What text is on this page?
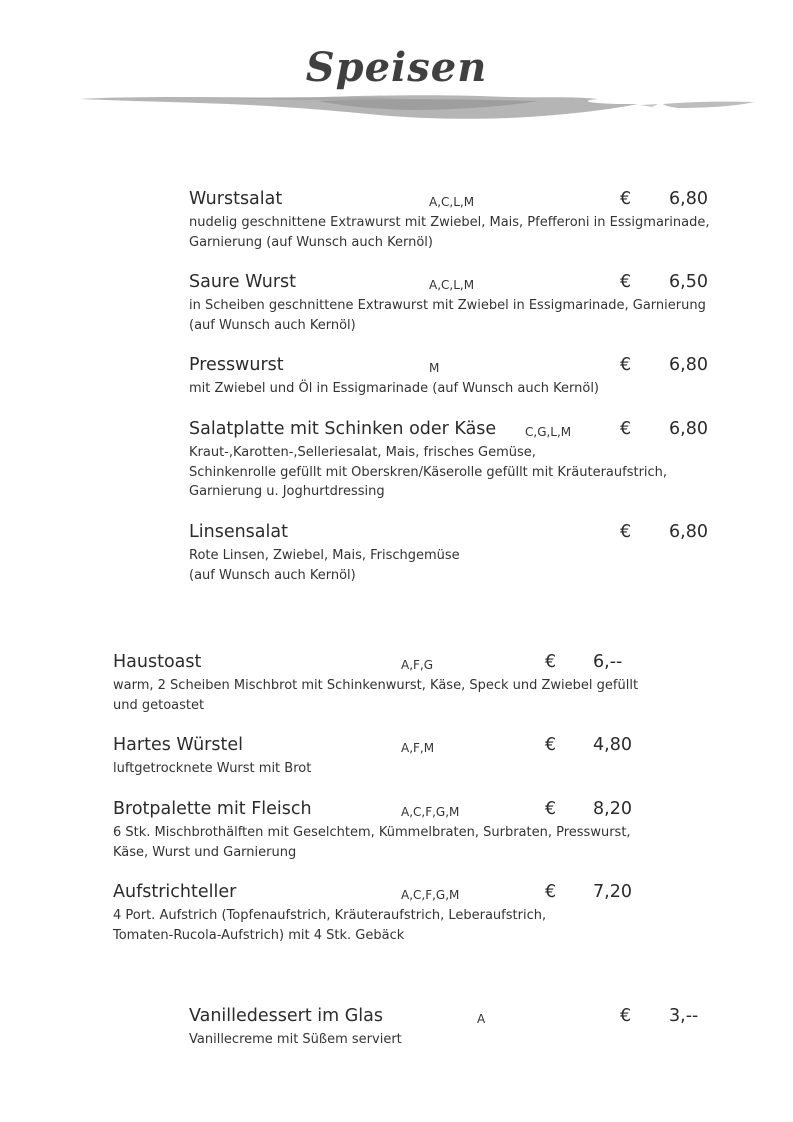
Speisen
Wurstsalat	A,C,L,M	€ 6,80
nudelig geschnittene Extrawurst mit Zwiebel, Mais, Pfefferoni in Essigmarinade,
Garnierung (auf Wunsch auch Kernöl)
Saure Wurst	A,C,L,M	€ 6,50
in Scheiben geschnittene Extrawurst mit Zwiebel in Essigmarinade, Garnierung
(auf Wunsch auch Kernöl)
Presswurst	M	€ 6,80
mit Zwiebel und Öl in Essigmarinade (auf Wunsch auch Kernöl)
Salatplatte mit Schinken oder Käse C,G,L,M	€ 6,80
Kraut-,Karotten-,Selleriesalat, Mais, frisches Gemüse,
Schinkenrolle gefüllt mit Oberskren/Käserolle gefüllt mit Kräuteraufstrich,
Garnierung u. Joghurtdressing
Linsensalat	€ 6,80
Rote Linsen, Zwiebel, Mais, Frischgemüse
(auf Wunsch auch Kernöl)
Haustoast	A,F,G	€ 6,--
warm, 2 Scheiben Mischbrot mit Schinkenwurst, Käse, Speck und Zwiebel gefüllt
und getoastet
Hartes Würstel	A,F,M	€ 4,80
luftgetrocknete Wurst mit Brot
Brotpalette mit Fleisch	A,C,F,G,M	€ 8,20
6 Stk. Mischbrothälften mit Geselchtem, Kümmelbraten, Surbraten, Presswurst,
Käse, Wurst und Garnierung
Aufstrichteller	A,C,F,G,M	€ 7,20
4 Port. Aufstrich (Topfenaufstrich, Kräuteraufstrich, Leberaufstrich,
Tomaten-Rucola-Aufstrich) mit 4 Stk. Gebäck
Vanilledessert im Glas	A	€ 3,--
Vanillecreme mit Süßem serviert
